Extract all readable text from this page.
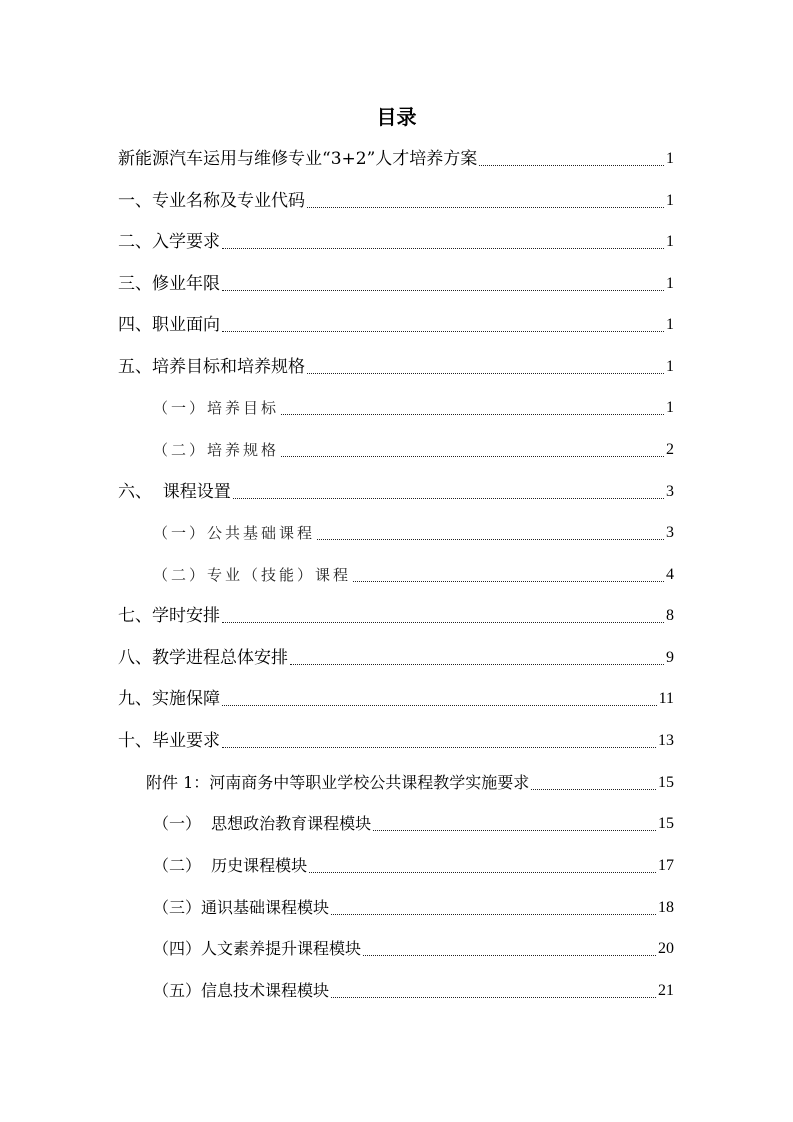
目录
新能源汽车运用与维修专业“3+2”人才培养方案	1
一、专业名称及专业代码	1
二、入学要求	1
三、修业年限	1
四、职业面向	1
五、培养目标和培养规格	1
（一）培养目标	1
（二）培养规格	2
六、  课程设置	3
（一）公共基础课程	3
（二）专业（技能）课程	4
七、学时安排	8
八、教学进程总体安排	9
九、实施保障	11
十、毕业要求	13
附件 1：河南商务中等职业学校公共课程教学实施要求	15
（一）  思想政治教育课程模块	15
（二）  历史课程模块	17
（三）通识基础课程模块	18
（四）人文素养提升课程模块	20
（五）信息技术课程模块	21
